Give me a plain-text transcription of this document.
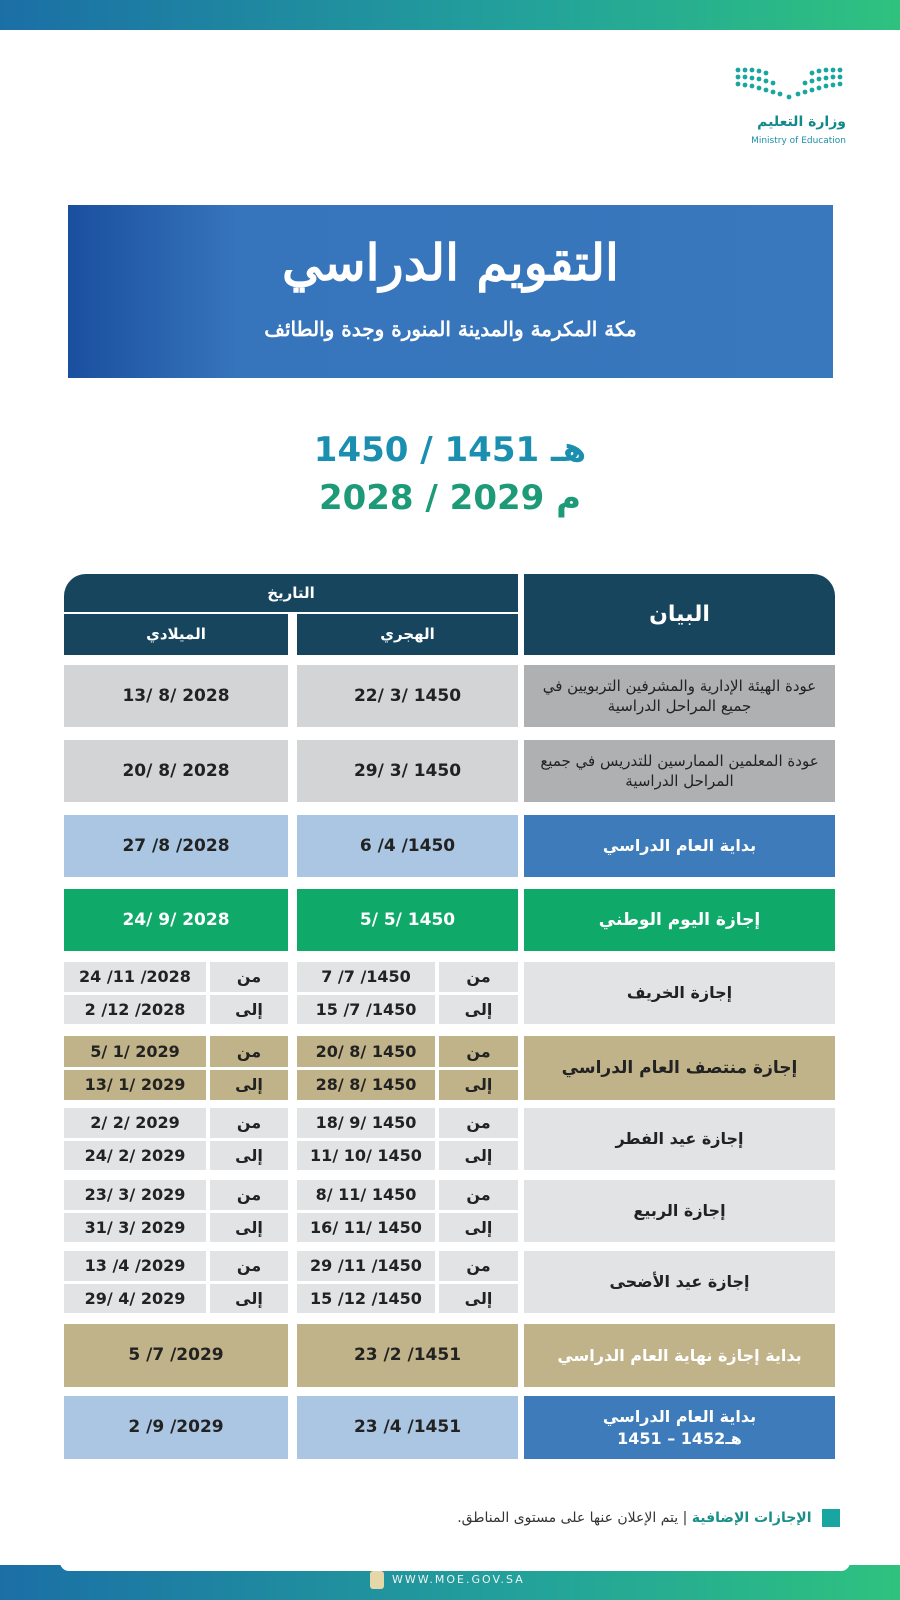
وزارة التعليم
Ministry of Education
التقويم الدراسي
مكة المكرمة والمدينة المنورة وجدة والطائف
1450 / 1451 هـ
2028 / 2029 م
البيان
التاريخ
الهجري
الميلادي
عودة الهيئة الإدارية والمشرفين التربويين في جميع المراحل الدراسية
22/ 3/ 1450
13/ 8/ 2028
عودة المعلمين الممارسين للتدريس في جميع المراحل الدراسية
29/ 3/ 1450
20/ 8/ 2028
بداية العام الدراسي
6 /4 /1450
27 /8 /2028
إجازة اليوم الوطني
5/ 5/ 1450
24/ 9/ 2028
إجازة الخريف
من
7 /7 /1450
إلى
15 /7 /1450
من
24 /11 /2028
إلى
2 /12 /2028
إجازة منتصف العام الدراسي
من
20/ 8/ 1450
إلى
28/ 8/ 1450
من
5/ 1/ 2029
إلى
13/ 1/ 2029
إجازة عيد الفطر
من
18/ 9/ 1450
إلى
11/ 10/ 1450
من
2/ 2/ 2029
إلى
24/ 2/ 2029
إجازة الربيع
من
8/ 11/ 1450
إلى
16/ 11/ 1450
من
23/ 3/ 2029
إلى
31/ 3/ 2029
إجازة عيد الأضحى
من
29 /11 /1450
إلى
15 /12 /1450
من
13 /4 /2029
إلى
29/ 4/ 2029
بداية إجازة نهاية العام الدراسي
23 /2 /1451
5 /7 /2029
بداية العام الدراسي
1451 – 1452هـ
23 /4 /1451
2 /9 /2029
الإجازات الإضافية | يتم الإعلان عنها على مستوى المناطق.
WWW.MOE.GOV.SA
